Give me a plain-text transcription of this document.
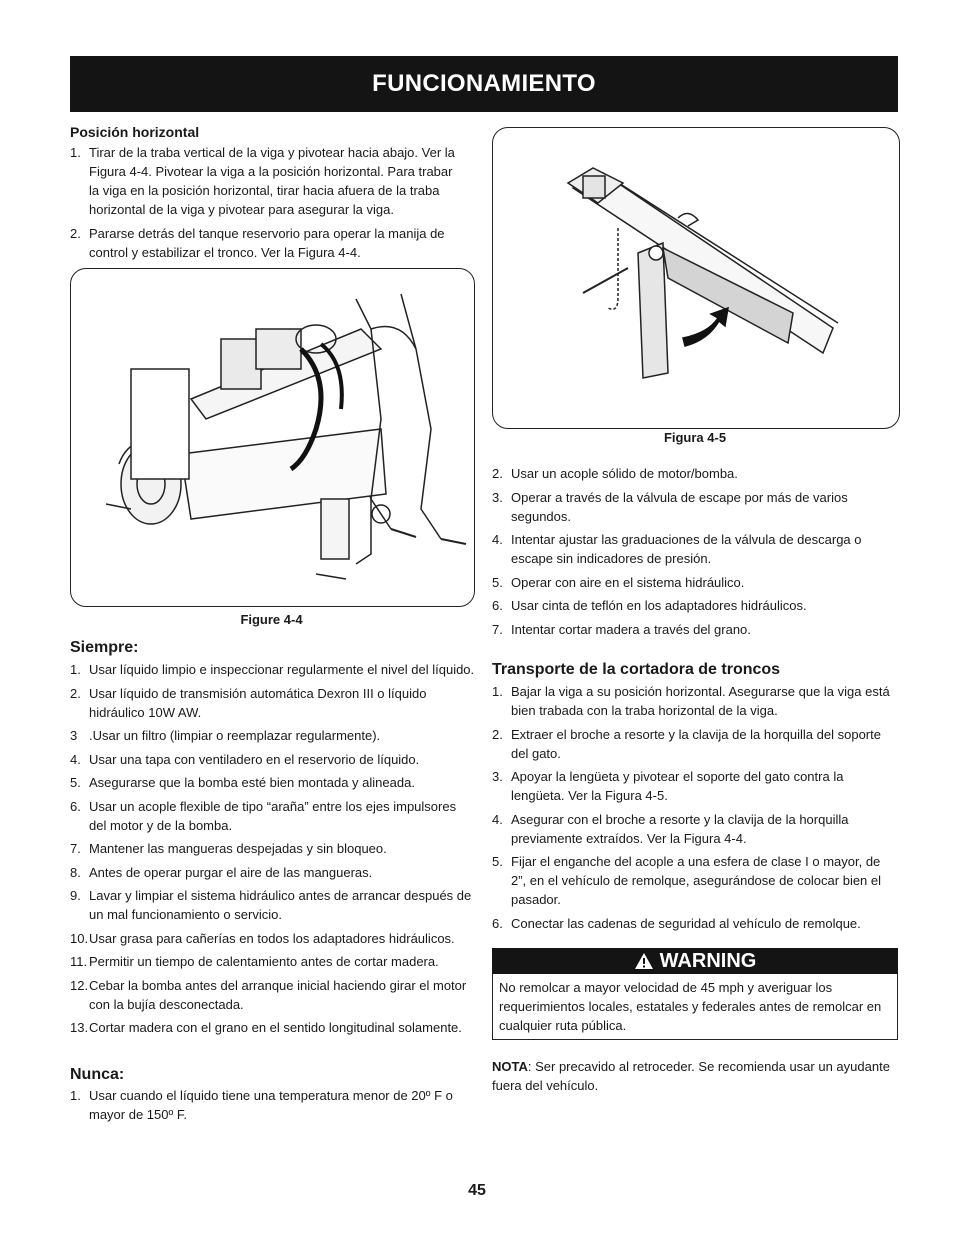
FUNCIONAMIENTO
Posición horizontal
1. Tirar de la traba vertical de la viga y pivotear hacia abajo. Ver la Figura 4-4. Pivotear la viga a la posición horizontal. Para trabar la viga en la posición horizontal, tirar hacia afuera de la traba horizontal de la viga y pivotear para asegurar la viga.
2. Pararse detrás del tanque reservorio para operar la manija de control y estabilizar el tronco. Ver la Figura 4-4.
Figure 4-4
Siempre:
1. Usar líquido limpio e inspeccionar regularmente el nivel del líquido.
2. Usar líquido de transmisión automática Dexron III o líquido hidráulico 10W AW.
3 .Usar un filtro (limpiar o reemplazar regularmente).
4. Usar una tapa con ventiladero en el reservorio de líquido.
5. Asegurarse que la bomba esté bien montada y alineada.
6. Usar un acople flexible de tipo “araña” entre los ejes impulsores del motor y de la bomba.
7. Mantener las mangueras despejadas y sin bloqueo.
8. Antes de operar purgar el aire de las mangueras.
9. Lavar y limpiar el sistema hidráulico antes de arrancar después de un mal funcionamiento o servicio.
10. Usar grasa para cañerías en todos los adaptadores hidráulicos.
11. Permitir un tiempo de calentamiento antes de cortar madera.
12. Cebar la bomba antes del arranque inicial haciendo girar el motor con la bujía desconectada.
13. Cortar madera con el grano en el sentido longitudinal solamente.
Nunca:
1. Usar cuando el líquido tiene una temperatura menor de 20º F o mayor de 150º F.
Figura 4-5
2. Usar un acople sólido de motor/bomba.
3. Operar a través de la válvula de escape por más de varios segundos.
4. Intentar ajustar las graduaciones de la válvula de descarga o escape sin indicadores de presión.
5. Operar con aire en el sistema hidráulico.
6. Usar cinta de teflón en los adaptadores hidráulicos.
7. Intentar cortar madera a través del grano.
Transporte de la cortadora de troncos
1. Bajar la viga a su posición horizontal. Asegurarse que la viga está bien trabada con la traba horizontal de la viga.
2. Extraer el broche a resorte y la clavija de la horquilla del soporte del gato.
3. Apoyar la lengüeta y pivotear el soporte del gato contra la lengüeta. Ver la Figura 4-5.
4. Asegurar con el broche a resorte y la clavija de la horquilla previamente extraídos. Ver la Figura 4-4.
5. Fijar el enganche del acople a una esfera de clase I o mayor, de 2”, en el vehículo de remolque, asegurándose de colocar bien el pasador.
6. Conectar las cadenas de seguridad al vehículo de remolque.
WARNING
No remolcar a mayor velocidad de 45 mph y averiguar los requerimientos locales, estatales y federales antes de remolcar en cualquier ruta pública.
NOTA: Ser precavido al retroceder. Se recomienda usar un ayudante fuera del vehículo.
45
